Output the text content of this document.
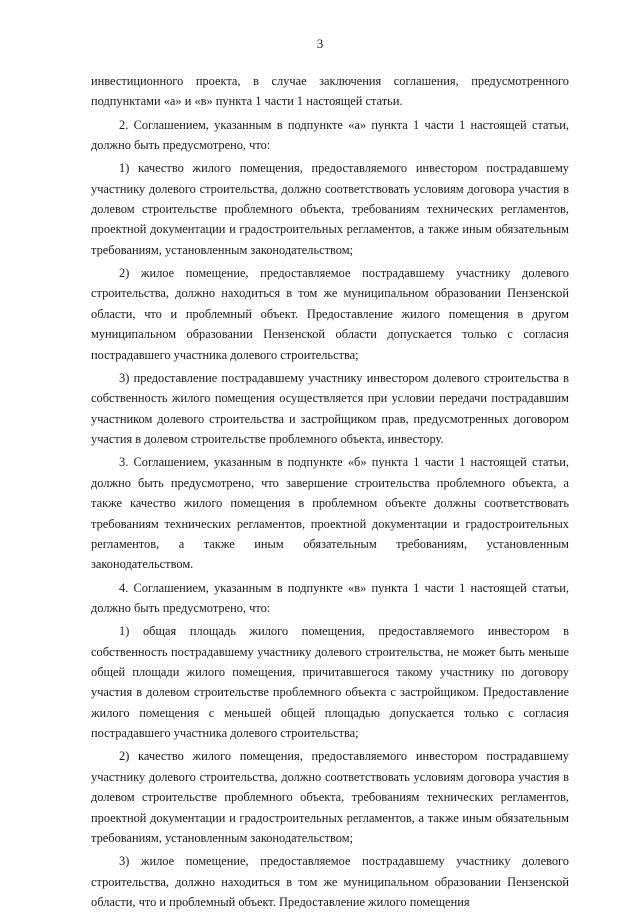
3

инвестиционного проекта, в случае заключения соглашения, предусмотренного подпунктами «а» и «в» пункта 1 части 1 настоящей статьи.

2. Соглашением, указанным в подпункте «а» пункта 1 части 1 настоящей статьи, должно быть предусмотрено, что:

1) качество жилого помещения, предоставляемого инвестором пострадавшему участнику долевого строительства, должно соответствовать условиям договора участия в долевом строительстве проблемного объекта, требованиям технических регламентов, проектной документации и градостроительных регламентов, а также иным обязательным требованиям, установленным законодательством;

2) жилое помещение, предоставляемое пострадавшему участнику долевого строительства, должно находиться в том же муниципальном образовании Пензенской области, что и проблемный объект. Предоставление жилого помещения в другом муниципальном образовании Пензенской области допускается только с согласия пострадавшего участника долевого строительства;

3) предоставление пострадавшему участнику инвестором долевого строительства в собственность жилого помещения осуществляется при условии передачи пострадавшим участником долевого строительства и застройщиком прав, предусмотренных договором участия в долевом строительстве проблемного объекта, инвестору.

3. Соглашением, указанным в подпункте «б» пункта 1 части 1 настоящей статьи, должно быть предусмотрено, что завершение строительства проблемного объекта, а также качество жилого помещения в проблемном объекте должны соответствовать требованиям технических регламентов, проектной документации и градостроительных регламентов, а также иным обязательным требованиям, установленным законодательством.

4. Соглашением, указанным в подпункте «в» пункта 1 части 1 настоящей статьи, должно быть предусмотрено, что:

1) общая площадь жилого помещения, предоставляемого инвестором в собственность пострадавшему участнику долевого строительства, не может быть меньше общей площади жилого помещения, причитавшегося такому участнику по договору участия в долевом строительстве проблемного объекта с застройщиком. Предоставление жилого помещения с меньшей общей площадью допускается только с согласия пострадавшего участника долевого строительства;

2) качество жилого помещения, предоставляемого инвестором пострадавшему участнику долевого строительства, должно соответствовать условиям договора участия в долевом строительстве проблемного объекта, требованиям технических регламентов, проектной документации и градостроительных регламентов, а также иным обязательным требованиям, установленным законодательством;

3) жилое помещение, предоставляемое пострадавшему участнику долевого строительства, должно находиться в том же муниципальном образовании Пензенской области, что и проблемный объект. Предоставление жилого помещения
